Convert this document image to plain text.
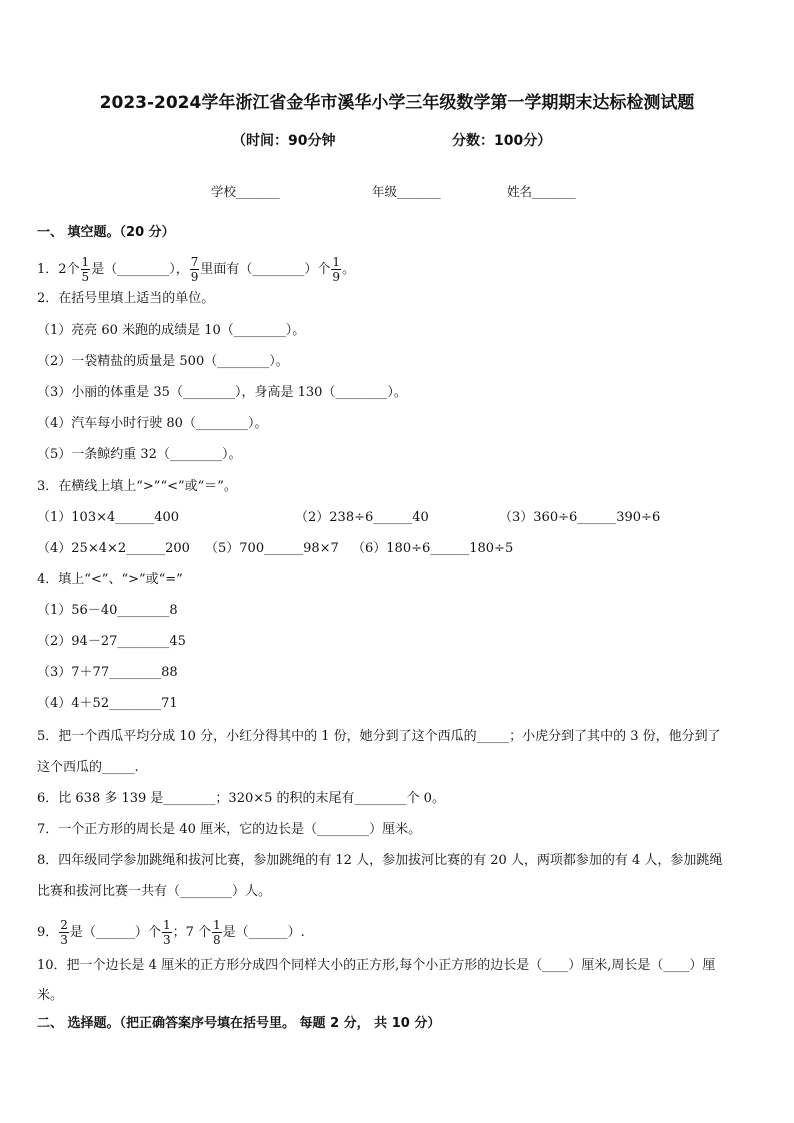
2023-2024学年浙江省金华市溪华小学三年级数学第一学期期末达标检测试题
（时间：90分钟	分数：100分）
学校_______	年级_______	姓名_______
一、 填空题。（20 分）
1．2个 $\frac{1}{5}$ 是（________）， $\frac{7}{9}$ 里面有（________）个 $\frac{1}{9}$ 。
2．在括号里填上适当的单位。
（1）亮亮 60 米跑的成绩是 10（________）。
（2）一袋精盐的质量是 500（________）。
（3）小丽的体重是 35（________），身高是 130（________）。
（4）汽车每小时行驶 80（________）。
（5）一条鲸约重 32（________）。
3．在横线上填上“>”“<”或“＝”。
（1）103×4______400	（2）238÷6______40	（3）360÷6______390÷6
（4）25×4×2______200 （5）700______98×7 （6）180÷6______180÷5
4．填上“<”、“>”或“=”
（1）56－40________8
（2）94－27________45
（3）7＋77________88
（4）4＋52________71
5．把一个西瓜平均分成 10 分，小红分得其中的 1 份，她分到了这个西瓜的_____；小虎分到了其中的 3 份，他分到了
这个西瓜的_____.
6．比 638 多 139 是________；320×5 的积的末尾有________个 0。
7．一个正方形的周长是 40 厘米，它的边长是（________）厘米。
8．四年级同学参加跳绳和拔河比赛，参加跳绳的有 12 人，参加拔河比赛的有 20 人，两项都参加的有 4 人，参加跳绳
比赛和拔河比赛一共有（________）人。
9． $\frac{2}{3}$ 是（______）个 $\frac{1}{3}$ ；7 个 $\frac{1}{8}$ 是（______）.
10．把一个边长是 4 厘米的正方形分成四个同样大小的正方形,每个小正方形的边长是（____）厘米,周长是（____）厘
米。
二、 选择题。（把正确答案序号填在括号里。 每题 2 分， 共 10 分）
